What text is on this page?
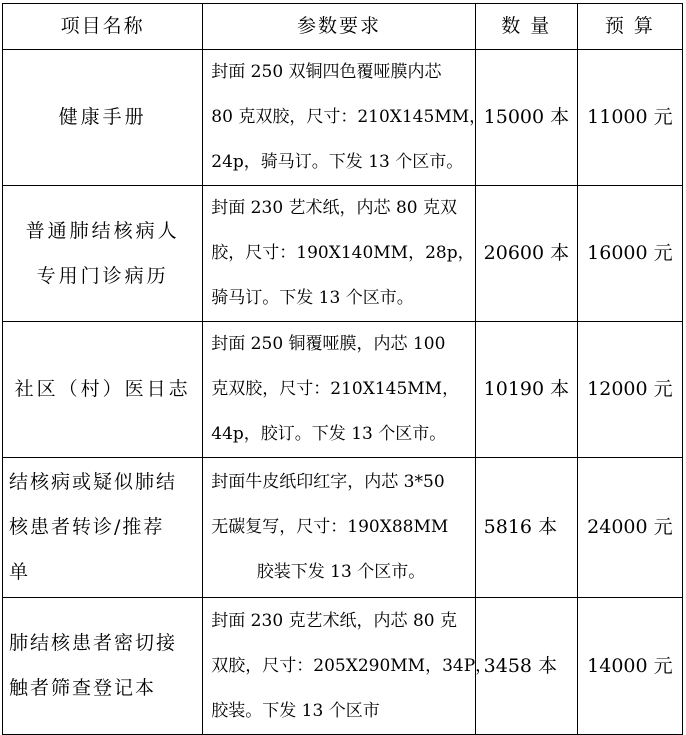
项目名称	参数要求	数 量	预 算

健康手册	封面 250 双铜四色覆哑膜内芯
80 克双胶，尺寸：210X145MM，
24p，骑马订。下发 13 个区市。	15000 本	11000 元

普通肺结核病人
专用门诊病历	封面 230 艺术纸，内芯 80 克双
胶，尺寸：190X140MM，28p，
骑马订。下发 13 个区市。	20600 本	16000 元

社区（村）医日志	封面 250 铜覆哑膜，内芯 100
克双胶，尺寸：210X145MM，
44p，胶订。下发 13 个区市。	10190 本	12000 元

结核病或疑似肺结
核患者转诊/推荐
单	封面牛皮纸印红字，内芯 3*50
无碳复写，尺寸：190X88MM
胶装下发 13 个区市。	5816 本	24000 元

肺结核患者密切接
触者筛查登记本	封面 230 克艺术纸，内芯 80 克
双胶，尺寸：205X290MM，34P，
胶装。下发 13 个区市	3458 本	14000 元
